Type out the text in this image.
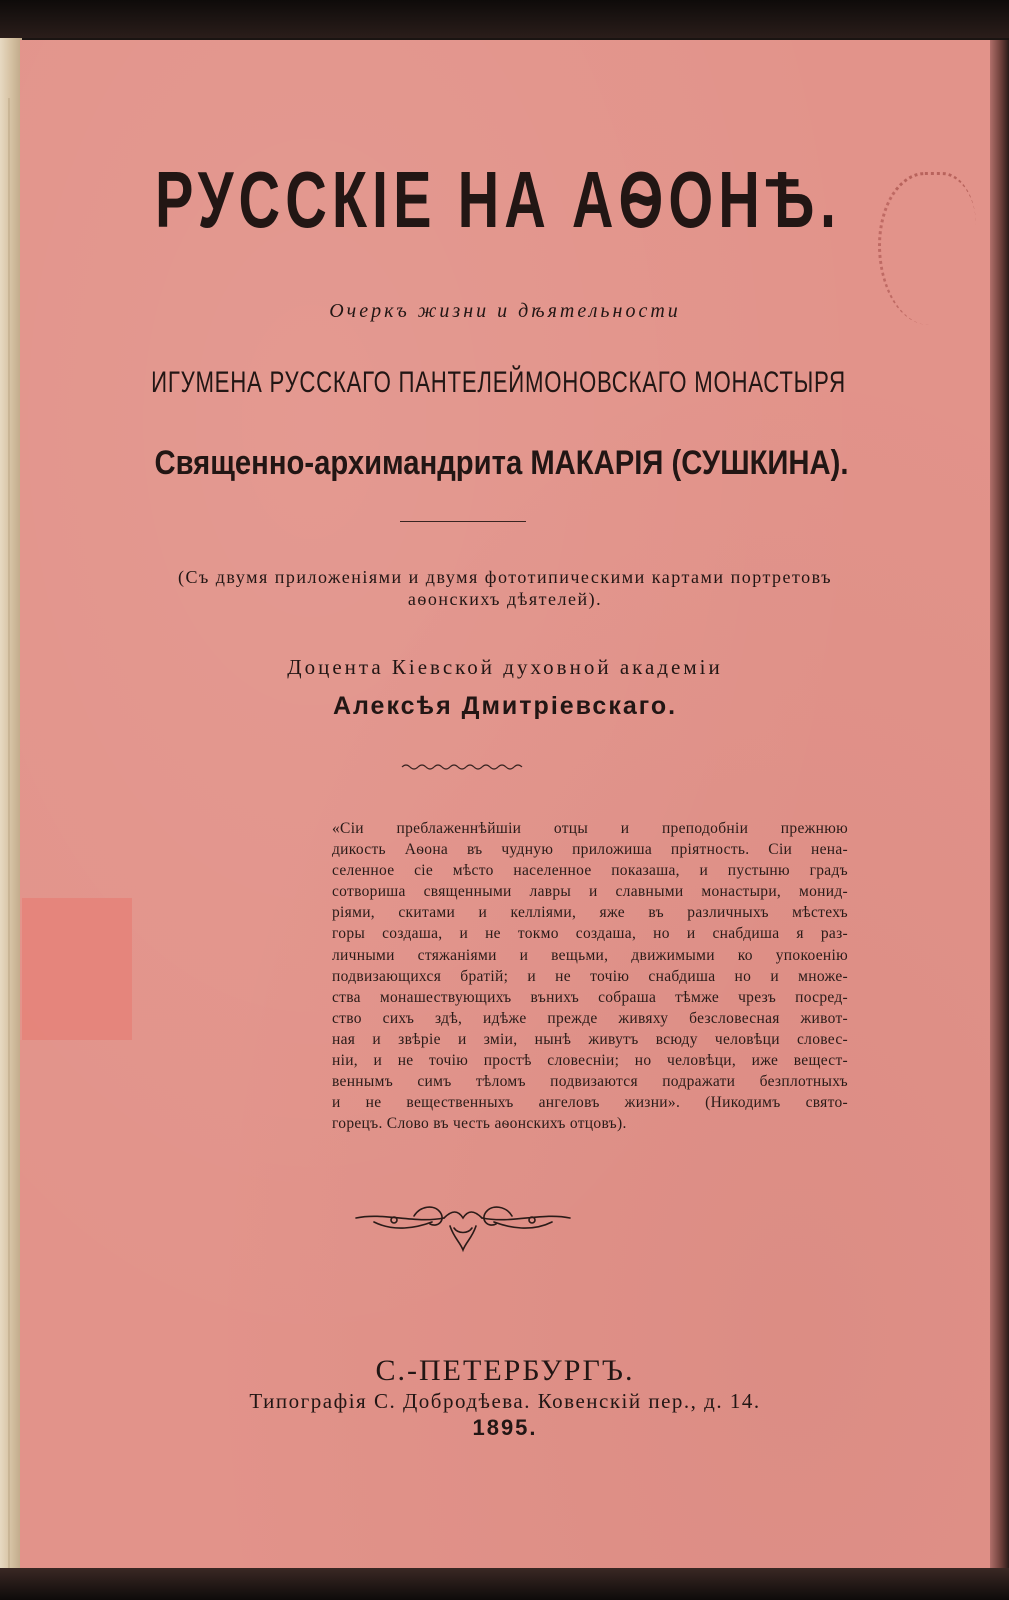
РУССКІЕ НА АѲОНѢ.
Очеркъ жизни и дѣятельности
ИГУМЕНА РУССКАГО ПАНТЕЛЕЙМОНОВСКАГО МОНАСТЫРЯ
Священно-архимандрита МАКАРІЯ (СУШКИНА).
(Съ двумя приложеніями и двумя фототипическими картами портретовъ
аѳонскихъ дѣятелей).
Доцента Кіевской духовной академіи
Алексѣя Дмитріевскаго.
«Сіи преблаженнѣйшіи отцы и преподобніи прежнюю
дикость Аѳона въ чудную приложиша пріятность. Сіи нена-
селенное сіе мѣсто населенное показаша, и пустыню градъ
сотвориша священными лавры и славными монастыри, монид-
ріями, скитами и келліями, яже въ различныхъ мѣстехъ
горы создаша, и не токмо создаша, но и снабдиша я раз-
личными стяжаніями и вещьми, движимыми ко упокоенію
подвизающихся братій; и не точію снабдиша но и множе-
ства монашествующихъ вънихъ собраша тѣмже чрезъ посред-
ство сихъ здѣ, идѣже прежде живяху безсловесная живот-
ная и звѣріе и зміи, нынѣ живутъ всюду человѣци словес-
ніи, и не точію простѣ словесніи; но человѣци, иже вещест-
веннымъ симъ тѣломъ подвизаются подражати безплотныхъ
и не вещественныхъ ангеловъ жизни». (Никодимъ свято-
горецъ. Слово въ честь аѳонскихъ отцовъ).
С.-ПЕТЕРБУРГЪ.
Типографія С. Добродѣева. Ковенскій пер., д. 14.
1895.
